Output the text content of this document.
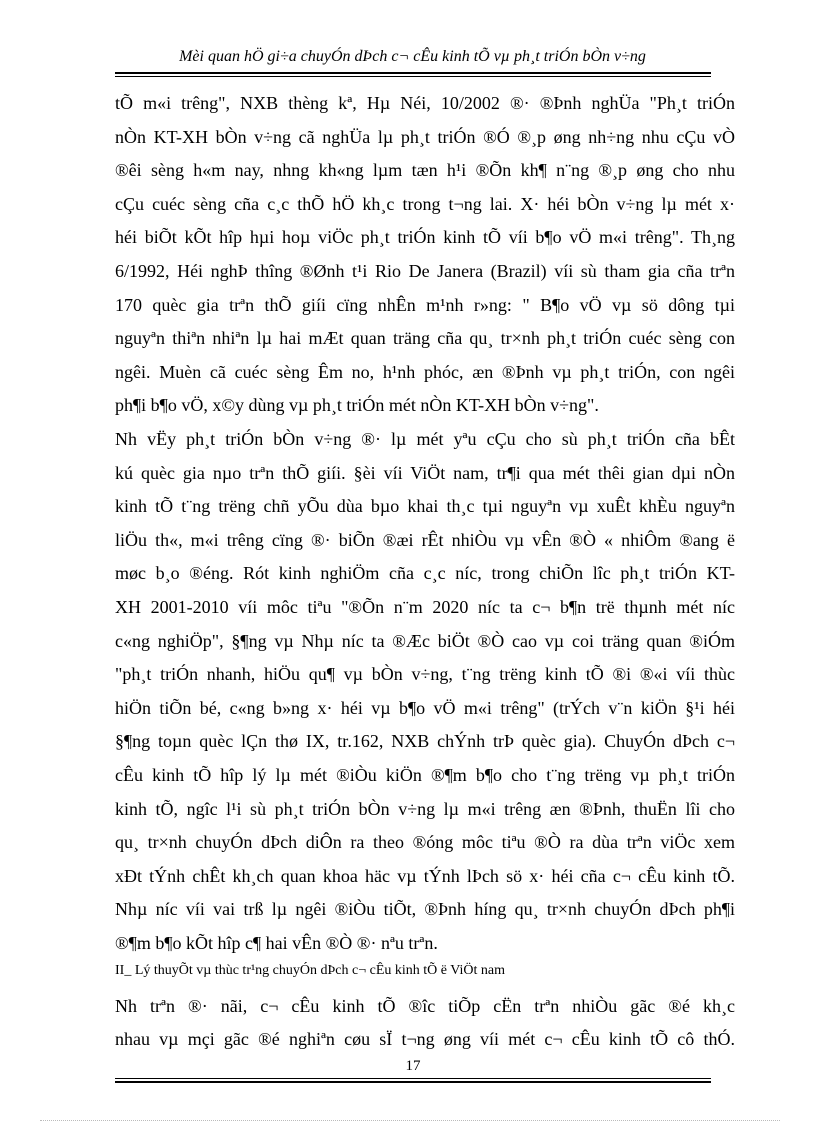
Mèi quan hÖ gi÷a chuyÓn dÞch c¬ cÊu kinh tÕ vµ ph¸t triÓn bÒn v÷ng
tÕ m«i trêng", NXB thèng kª, Hµ Néi, 10/2002 ®· ®Þnh nghÜa "Ph¸t triÓn
nÒn KT-XH bÒn v÷ng cã nghÜa lµ ph¸t triÓn ®Ó ®¸p øng nh÷ng nhu cÇu vÒ
®êi sèng h«m nay, nhng kh«ng lµm tæn h¹i ®Õn kh¶ n¨ng ®¸p øng cho nhu
cÇu cuéc sèng cña c¸c thÕ hÖ kh¸c trong t¬ng lai. X· héi bÒn v÷ng lµ mét x·
héi biÕt kÕt hîp hµi hoµ viÖc ph¸t triÓn kinh tÕ víi b¶o vÖ m«i trêng". Th¸ng
6/1992, Héi nghÞ thîng ®Ønh t¹i Rio De Janera (Brazil) víi sù tham gia cña trªn
170 quèc gia trªn thÕ giíi cïng nhÊn m¹nh r»ng: " B¶o vÖ vµ sö dông tµi
nguyªn thiªn nhiªn lµ hai mÆt quan träng cña qu¸ tr×nh ph¸t triÓn cuéc sèng con
ngêi. Muèn cã cuéc sèng Êm no, h¹nh phóc, æn ®Þnh vµ ph¸t triÓn, con ngêi
ph¶i b¶o vÖ, x©y dùng vµ ph¸t triÓn mét nÒn KT-XH bÒn v÷ng".
Nh vËy ph¸t triÓn bÒn v÷ng ®· lµ mét yªu cÇu cho sù ph¸t triÓn cña bÊt
kú quèc gia nµo trªn thÕ giíi. §èi víi ViÖt nam, tr¶i qua mét thêi gian dµi nÒn
kinh tÕ t¨ng trëng chñ yÕu dùa bµo khai th¸c tµi nguyªn vµ xuÊt khÈu nguyªn
liÖu th«, m«i trêng cïng ®· biÕn ®æi rÊt nhiÒu vµ vÊn ®Ò « nhiÔm ®ang ë
møc b¸o ®éng. Rót kinh nghiÖm cña c¸c níc, trong chiÕn lîc ph¸t triÓn KT-
XH 2001-2010 víi môc tiªu "®Õn n¨m 2020 níc ta c¬ b¶n trë thµnh mét níc
c«ng nghiÖp", §¶ng vµ Nhµ níc ta ®Æc biÖt ®Ò cao vµ coi träng quan ®iÓm
"ph¸t triÓn nhanh, hiÖu qu¶ vµ bÒn v÷ng, t¨ng trëng kinh tÕ ®i ®«i víi thùc
hiÖn tiÕn bé, c«ng b»ng x· héi vµ b¶o vÖ m«i trêng" (trÝch v¨n kiÖn §¹i héi
§¶ng toµn quèc lÇn thø IX, tr.162, NXB chÝnh trÞ quèc gia). ChuyÓn dÞch c¬
cÊu kinh tÕ hîp lý lµ mét ®iÒu kiÖn ®¶m b¶o cho t¨ng trëng vµ ph¸t triÓn
kinh tÕ, ngîc l¹i sù ph¸t triÓn bÒn v÷ng lµ m«i trêng æn ®Þnh, thuËn lîi cho
qu¸ tr×nh chuyÓn dÞch diÔn ra theo ®óng môc tiªu ®Ò ra dùa trªn viÖc xem
xÐt tÝnh chÊt kh¸ch quan khoa häc vµ tÝnh lÞch sö x· héi cña c¬ cÊu kinh tÕ.
Nhµ níc víi vai trß lµ ngêi ®iÒu tiÕt, ®Þnh híng qu¸ tr×nh chuyÓn dÞch ph¶i
®¶m b¶o kÕt hîp c¶ hai vÊn ®Ò ®· nªu trªn.
II_ Lý thuyÕt vµ thùc tr¹ng chuyÓn dÞch c¬ cÊu kinh tÕ ë ViÖt nam
Nh trªn ®· nãi, c¬ cÊu kinh tÕ ®îc tiÕp cËn trªn nhiÒu gãc ®é kh¸c
nhau vµ mçi gãc ®é nghiªn cøu sÏ t¬ng øng víi mét c¬ cÊu kinh tÕ cô thÓ.
17
